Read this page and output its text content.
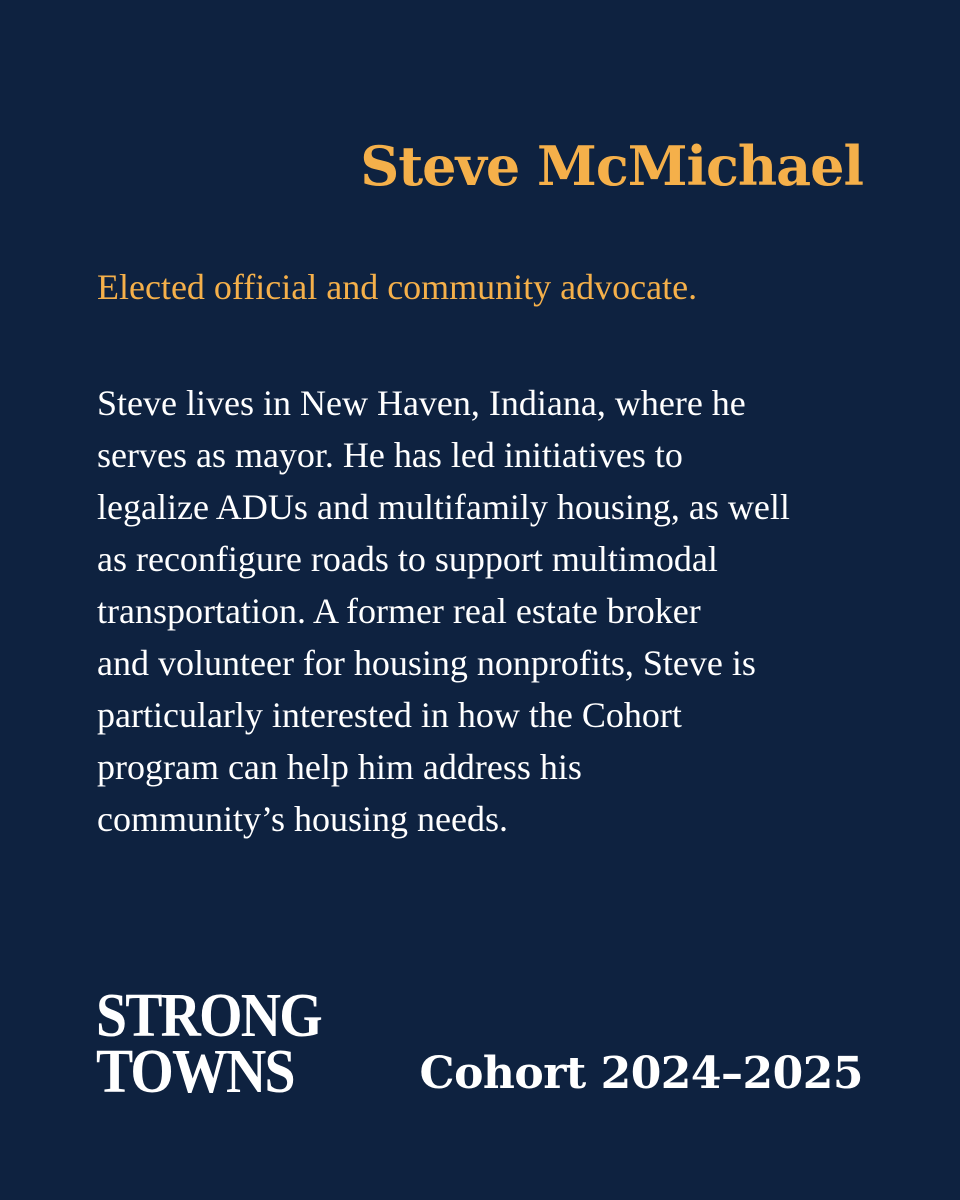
Steve McMichael

Elected official and community advocate.

Steve lives in New Haven, Indiana, where he
serves as mayor. He has led initiatives to
legalize ADUs and multifamily housing, as well
as reconfigure roads to support multimodal
transportation. A former real estate broker
and volunteer for housing nonprofits, Steve is
particularly interested in how the Cohort
program can help him address his
community’s housing needs.

STRONG
TOWNS	Cohort 2024–2025
